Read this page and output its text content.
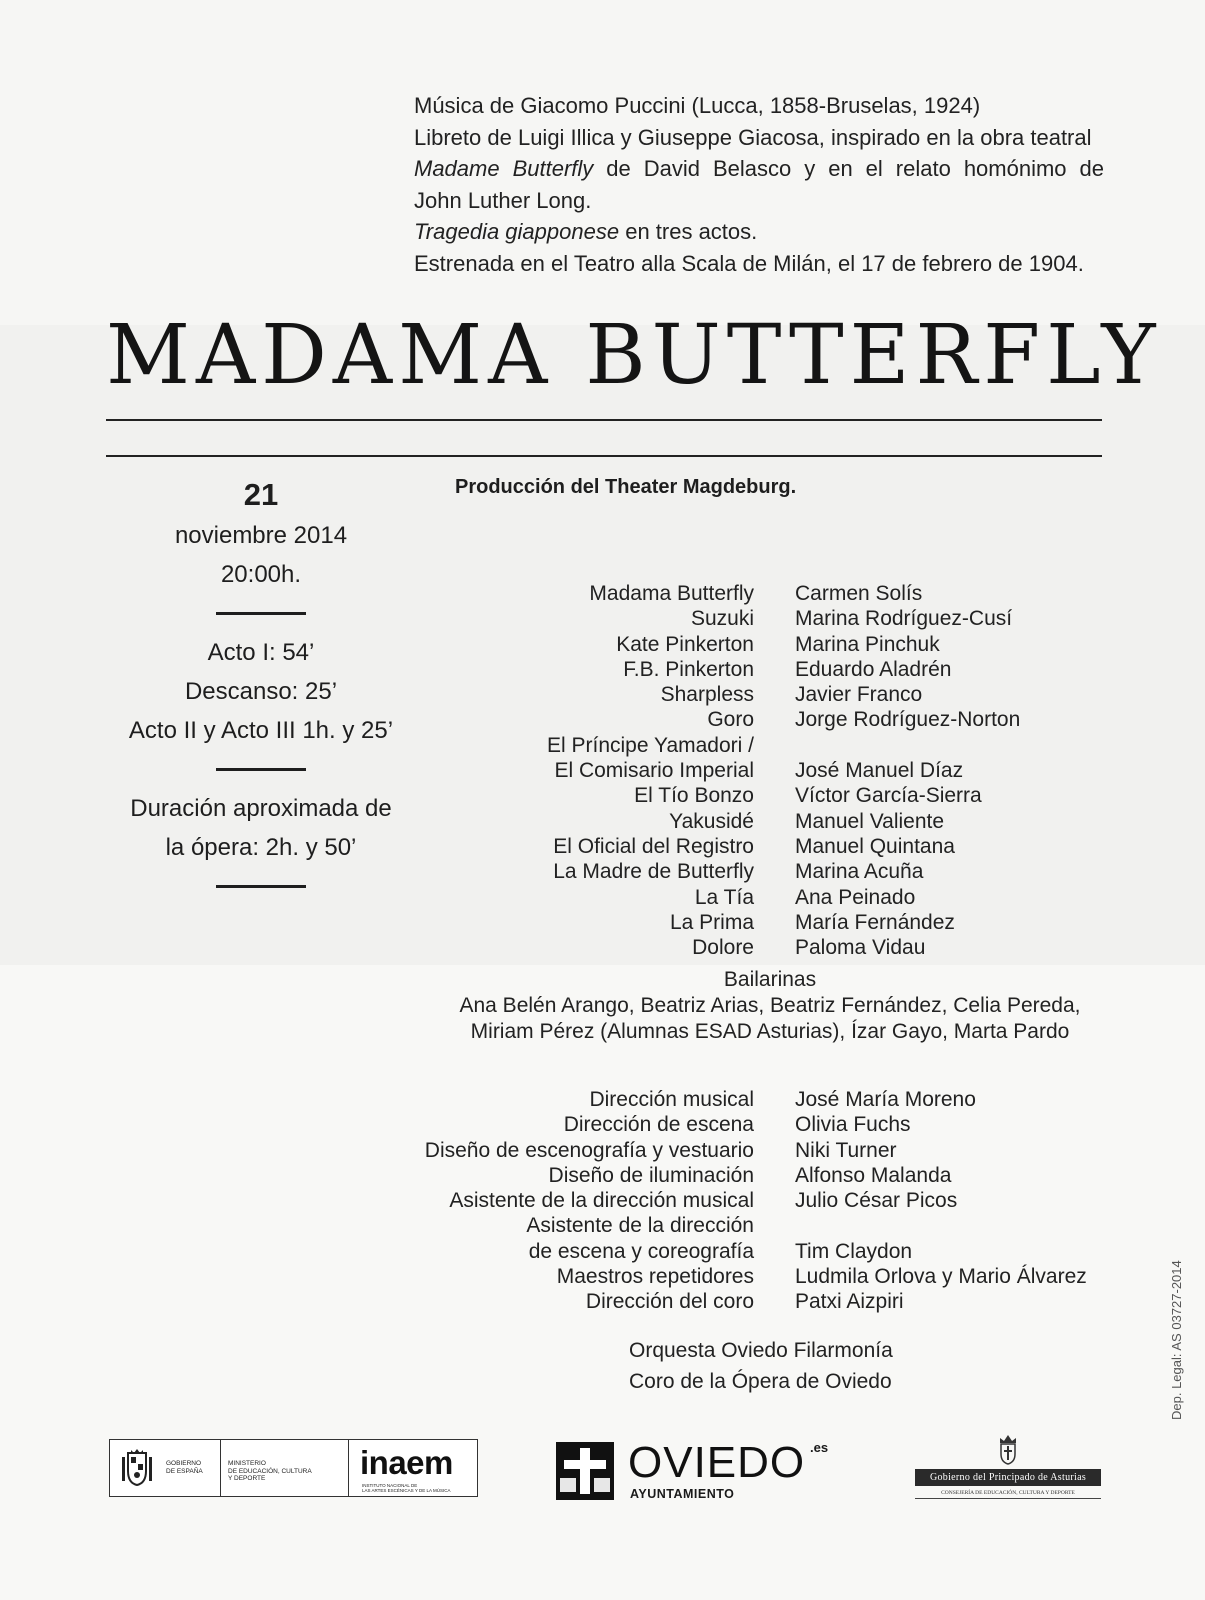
Música de Giacomo Puccini (Lucca, 1858-Bruselas, 1924)
Libreto de Luigi Illica y Giuseppe Giacosa, inspirado en la obra teatral
Madame Butterfly de David Belasco y en el relato homónimo de
John Luther Long.
Tragedia giapponese en tres actos.
Estrenada en el Teatro alla Scala de Milán, el 17 de febrero de 1904.
MADAMA BUTTERFLY
21
noviembre 2014
20:00h.
Acto I: 54’
Descanso: 25’
Acto II y Acto III 1h. y 25’
Duración aproximada de
la ópera: 2h. y 50’
Producción del Theater Magdeburg.
Madama Butterfly Carmen Solís
Suzuki Marina Rodríguez-Cusí
Kate Pinkerton Marina Pinchuk
F.B. Pinkerton Eduardo Aladrén
Sharpless Javier Franco
Goro Jorge Rodríguez-Norton
El Príncipe Yamadori /
El Comisario Imperial José Manuel Díaz
El Tío Bonzo Víctor García-Sierra
Yakusidé Manuel Valiente
El Oficial del Registro Manuel Quintana
La Madre de Butterfly Marina Acuña
La Tía Ana Peinado
La Prima María Fernández
Dolore Paloma Vidau
Bailarinas
Ana Belén Arango, Beatriz Arias, Beatriz Fernández, Celia Pereda,
Miriam Pérez (Alumnas ESAD Asturias), Ízar Gayo, Marta Pardo
Dirección musical José María Moreno
Dirección de escena Olivia Fuchs
Diseño de escenografía y vestuario Niki Turner
Diseño de iluminación Alfonso Malanda
Asistente de la dirección musical Julio César Picos
Asistente de la dirección
de escena y coreografía Tim Claydon
Maestros repetidores Ludmila Orlova y Mario Álvarez
Dirección del coro Patxi Aizpiri
Orquesta Oviedo Filarmonía
Coro de la Ópera de Oviedo	Dep. Legal: AS 03727-2014
GOBIERNO
DE ESPAÑA
MINISTERIO
DE EDUCACIÓN, CULTURA
Y DEPORTE	inaem
INSTITUTO NACIONAL DE
LAS ARTES ESCÉNICAS Y DE LA MÚSICA
OVIEDO .es
AYUNTAMIENTO
Gobierno del Principado de Asturias
CONSEJERÍA DE EDUCACIÓN, CULTURA Y DEPORTE
